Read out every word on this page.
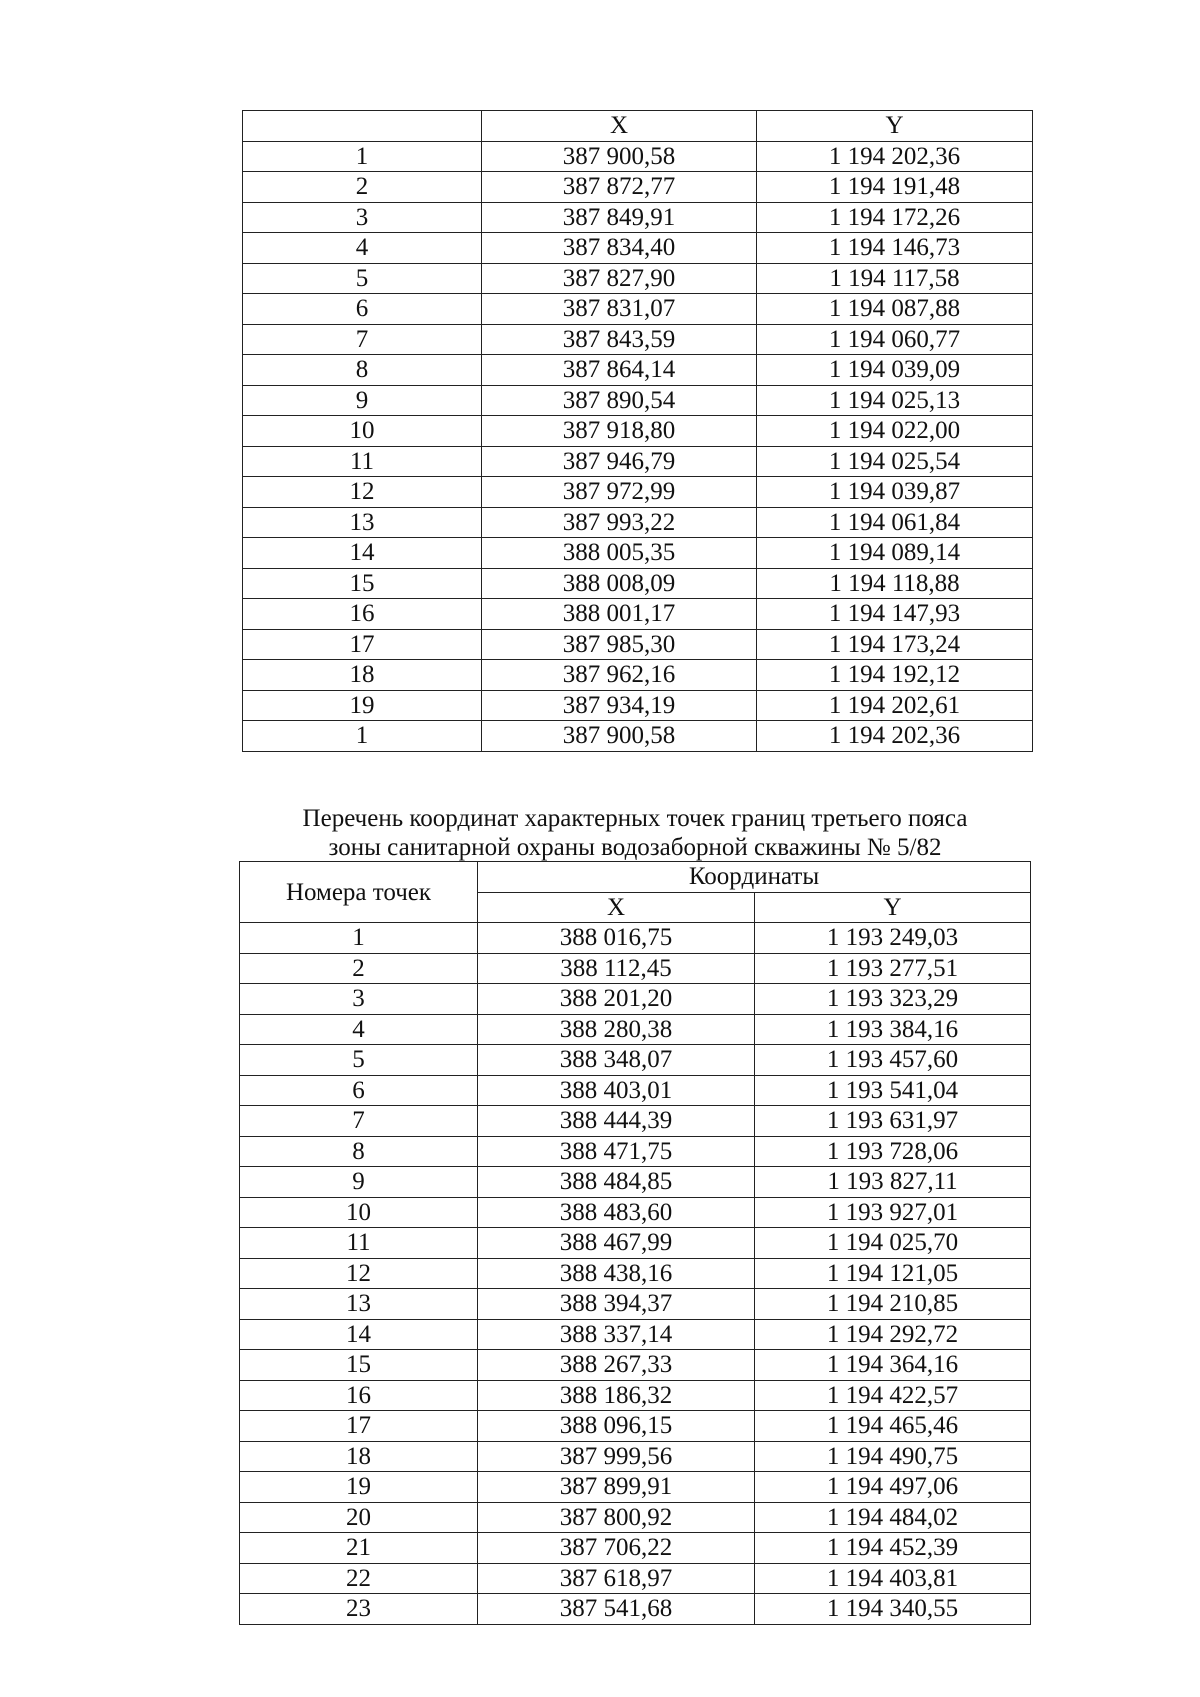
	X	Y
1	387 900,58	1 194 202,36
2	387 872,77	1 194 191,48
3	387 849,91	1 194 172,26
4	387 834,40	1 194 146,73
5	387 827,90	1 194 117,58
6	387 831,07	1 194 087,88
7	387 843,59	1 194 060,77
8	387 864,14	1 194 039,09
9	387 890,54	1 194 025,13
10	387 918,80	1 194 022,00
11	387 946,79	1 194 025,54
12	387 972,99	1 194 039,87
13	387 993,22	1 194 061,84
14	388 005,35	1 194 089,14
15	388 008,09	1 194 118,88
16	388 001,17	1 194 147,93
17	387 985,30	1 194 173,24
18	387 962,16	1 194 192,12
19	387 934,19	1 194 202,61
1	387 900,58	1 194 202,36
Перечень координат характерных точек границ третьего пояса
зоны санитарной охраны водозаборной скважины № 5/82
Номера точек	Координаты	
	X	Y
1	388 016,75	1 193 249,03
2	388 112,45	1 193 277,51
3	388 201,20	1 193 323,29
4	388 280,38	1 193 384,16
5	388 348,07	1 193 457,60
6	388 403,01	1 193 541,04
7	388 444,39	1 193 631,97
8	388 471,75	1 193 728,06
9	388 484,85	1 193 827,11
10	388 483,60	1 193 927,01
11	388 467,99	1 194 025,70
12	388 438,16	1 194 121,05
13	388 394,37	1 194 210,85
14	388 337,14	1 194 292,72
15	388 267,33	1 194 364,16
16	388 186,32	1 194 422,57
17	388 096,15	1 194 465,46
18	387 999,56	1 194 490,75
19	387 899,91	1 194 497,06
20	387 800,92	1 194 484,02
21	387 706,22	1 194 452,39
22	387 618,97	1 194 403,81
23	387 541,68	1 194 340,55
